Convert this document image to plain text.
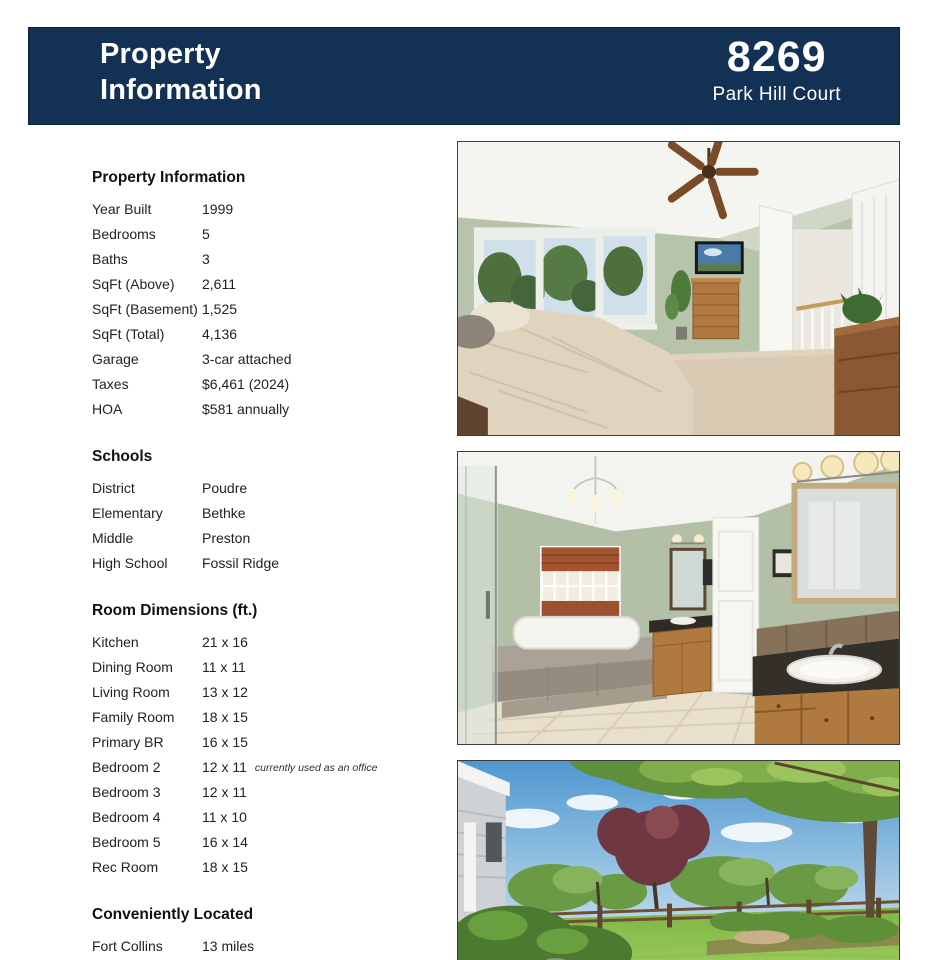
Property
Information
8269
Park Hill Court
Property Information
Year Built	1999
Bedrooms	5
Baths	3
SqFt (Above)	2,611
SqFt (Basement) 1,525
SqFt (Total)	4,136
Garage	3-car attached
Taxes	$6,461 (2024)
HOA	$581 annually
Schools
District	Poudre
Elementary	Bethke
Middle	Preston
High School	Fossil Ridge
Room Dimensions (ft.)
Kitchen	21 x 16
Dining Room	11 x 11
Living Room	13 x 12
Family Room	18 x 15
Primary BR	16 x 15
Bedroom 2	12 x 11 currently used as an office
Bedroom 3	12 x 11
Bedroom 4	11 x 10
Bedroom 5	16 x 14
Rec Room	18 x 15
Conveniently Located
Fort Collins	13 miles
